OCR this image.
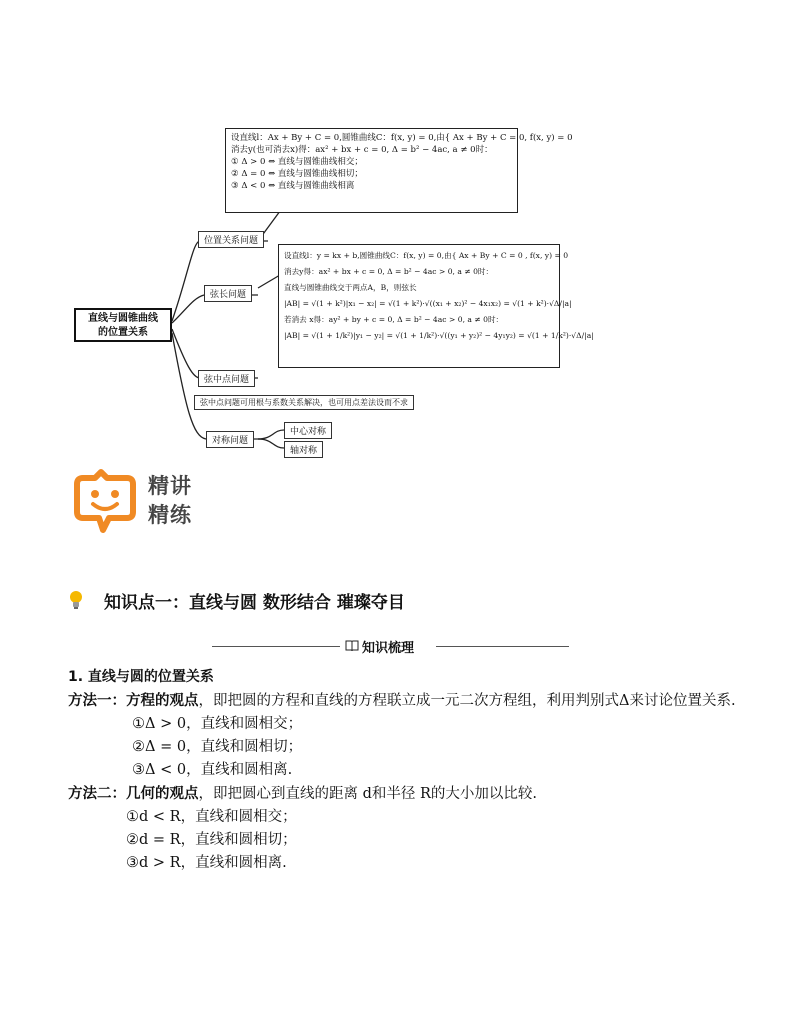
直线与圆锥曲线
的位置关系
位置关系问题
弦长问题
弦中点问题
对称问题
设直线l：Ax + By + C = 0,圆锥曲线C：f(x, y) = 0,由{ Ax + By + C = 0, f(x, y) = 0
消去y(也可消去x)得：ax² + bx + c = 0, Δ = b² − 4ac, a ≠ 0时：
① Δ > 0 ⇔ 直线与圆锥曲线相交；
② Δ = 0 ⇔ 直线与圆锥曲线相切；
③ Δ < 0 ⇔ 直线与圆锥曲线相离
设直线l：y = kx + b,圆锥曲线C：f(x, y) = 0,由{ Ax + By + C = 0 , f(x, y) = 0
消去y得：ax² + bx + c = 0, Δ = b² − 4ac > 0, a ≠ 0时：
直线与圆锥曲线交于两点A，B，则弦长
|AB| = √(1 + k²)|x₁ − x₂| = √(1 + k²)·√((x₁ + x₂)² − 4x₁x₂) = √(1 + k²)·√Δ/|a|
若消去 x得：ay² + by + c = 0, Δ = b² − 4ac > 0, a ≠ 0时：
|AB| = √(1 + 1/k²)|y₁ − y₂| = √(1 + 1/k²)·√((y₁ + y₂)² − 4y₁y₂) = √(1 + 1/k²)·√Δ/|a|
弦中点问题可用根与系数关系解决，也可用点差法设而不求
中心对称
轴对称
精讲
精练
知识点一：直线与圆 数形结合 璀璨夺目
知识梳理
1. 直线与圆的位置关系
方法一：方程的观点，即把圆的方程和直线的方程联立成一元二次方程组，利用判别式Δ来讨论位置关系.
①Δ > 0，直线和圆相交；
②Δ = 0，直线和圆相切；
③Δ < 0，直线和圆相离.
方法二：几何的观点，即把圆心到直线的距离 d和半径 R的大小加以比较.
①d < R，直线和圆相交；
②d = R，直线和圆相切；
③d > R，直线和圆相离.
